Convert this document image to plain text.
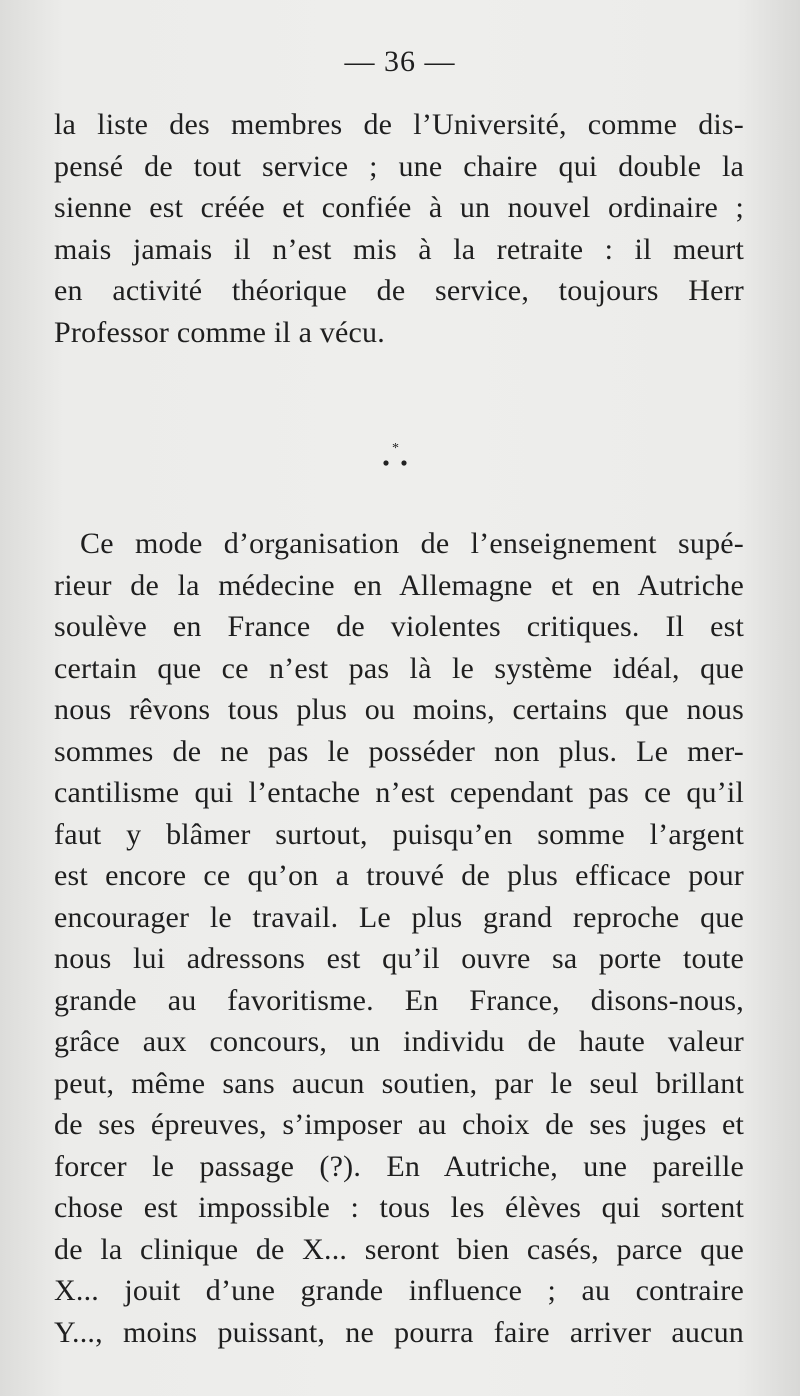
— 36 —
la liste des membres de l’Université, comme dis-
pensé de tout service ; une chaire qui double la
sienne est créée et confiée à un nouvel ordinaire ;
mais jamais il n’est mis à la retraite : il meurt
en activité théorique de service, toujours Herr
Professor comme il a vécu.
*
Ce mode d’organisation de l’enseignement supé-
rieur de la médecine en Allemagne et en Autriche
soulève en France de violentes critiques. Il est
certain que ce n’est pas là le système idéal, que
nous rêvons tous plus ou moins, certains que nous
sommes de ne pas le posséder non plus. Le mer-
cantilisme qui l’entache n’est cependant pas ce qu’il
faut y blâmer surtout, puisqu’en somme l’argent
est encore ce qu’on a trouvé de plus efficace pour
encourager le travail. Le plus grand reproche que
nous lui adressons est qu’il ouvre sa porte toute
grande au favoritisme. En France, disons-nous,
grâce aux concours, un individu de haute valeur
peut, même sans aucun soutien, par le seul brillant
de ses épreuves, s’imposer au choix de ses juges et
forcer le passage (?). En Autriche, une pareille
chose est impossible : tous les élèves qui sortent
de la clinique de X... seront bien casés, parce que
X... jouit d’une grande influence ; au contraire
Y..., moins puissant, ne pourra faire arriver aucun
